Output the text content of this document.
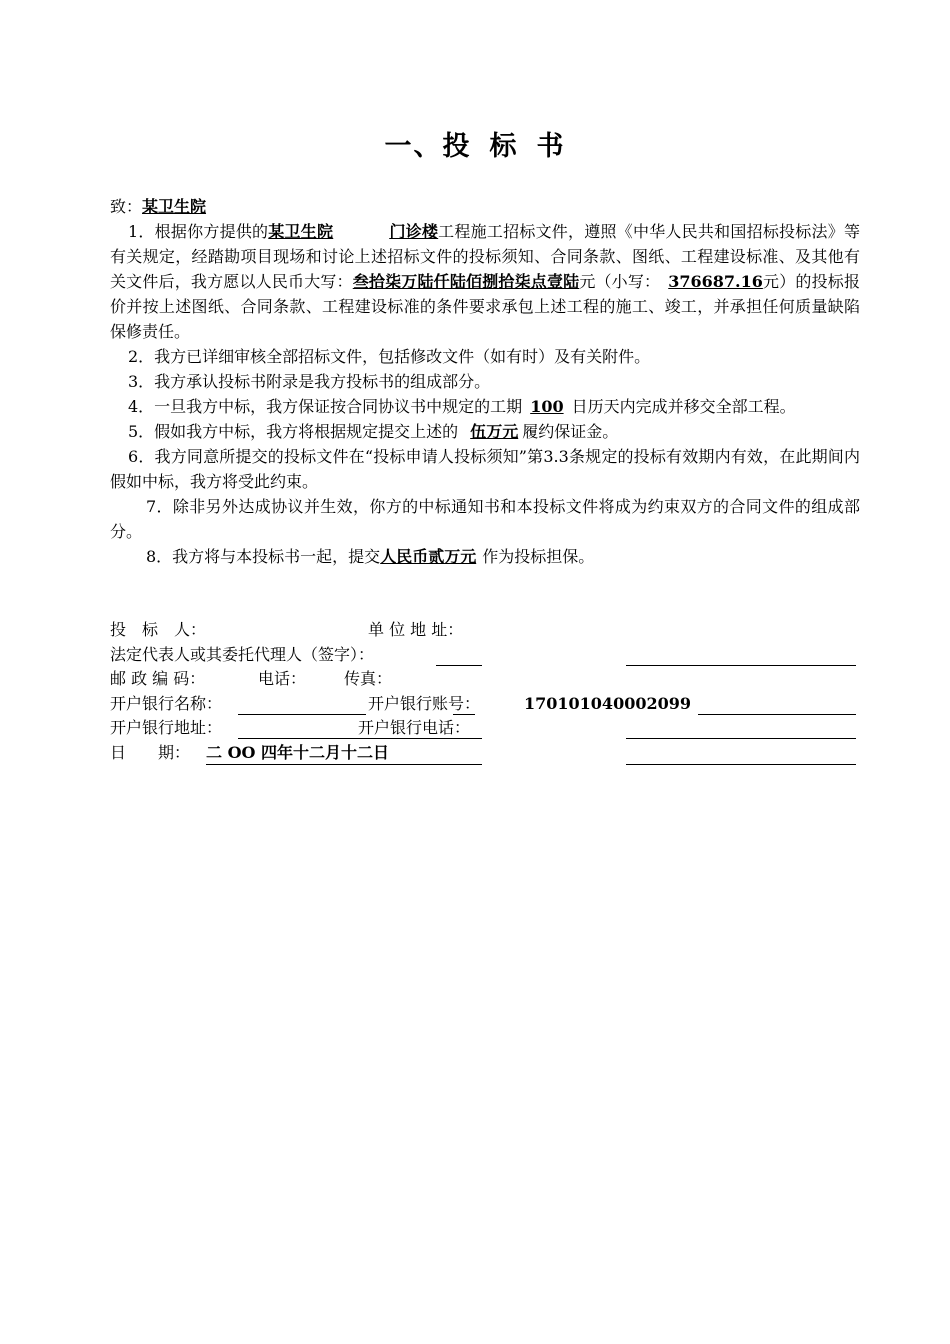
一、投 标 书

致：某卫生院

1．根据你方提供的某卫生院	门诊楼工程施工招标文件，遵照《中华人民共和国招标投标法》等有关规定，经踏勘项目现场和讨论上述招标文件的投标须知、合同条款、图纸、工程建设标准、及其他有关文件后，我方愿以人民币大写：叁拾柒万陆仟陆佰捌拾柒点壹陆元（小写： 376687.16元）的投标报价并按上述图纸、合同条款、工程建设标准的条件要求承包上述工程的施工、竣工，并承担任何质量缺陷保修责任。

2．我方已详细审核全部招标文件，包括修改文件（如有时）及有关附件。

3．我方承认投标书附录是我方投标书的组成部分。

4．一旦我方中标，我方保证按合同协议书中规定的工期 100 日历天内完成并移交全部工程。

5．假如我方中标，我方将根据规定提交上述的 伍万元 履约保证金。

6．我方同意所提交的投标文件在“投标申请人投标须知”第3.3条规定的投标有效期内有效，在此期间内假如中标，我方将受此约束。

7．除非另外达成协议并生效，你方的中标通知书和本投标文件将成为约束双方的合同文件的组成部分。

8．我方将与本投标书一起，提交人民币贰万元 作为投标担保。

投　标　人：	单 位 地 址：
法定代表人或其委托代理人（签字）：
邮 政 编 码：	电话： 传真：
开户银行名称：	开户银行账号：	170101040002099
开户银行地址：	开户银行电话：
日　　期： 二 OO 四年十二月十二日
